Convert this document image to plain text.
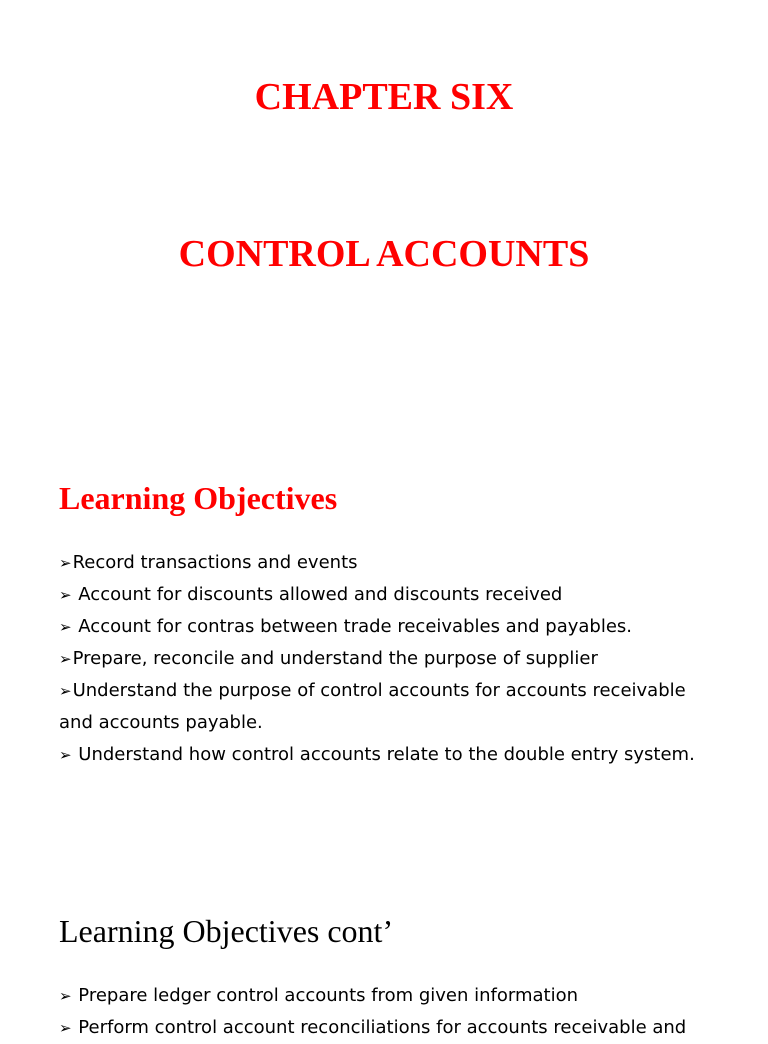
CHAPTER SIX
CONTROL ACCOUNTS
Learning Objectives
➢Record transactions and events
➢ Account for discounts allowed and discounts received
➢ Account for contras between trade receivables and payables.
➢Prepare, reconcile and understand the purpose of supplier
➢Understand the purpose of control accounts for accounts receivable and accounts payable.
➢ Understand how control accounts relate to the double entry system.
Learning Objectives cont’
➢ Prepare ledger control accounts from given information
➢ Perform control account reconciliations for accounts receivable and
